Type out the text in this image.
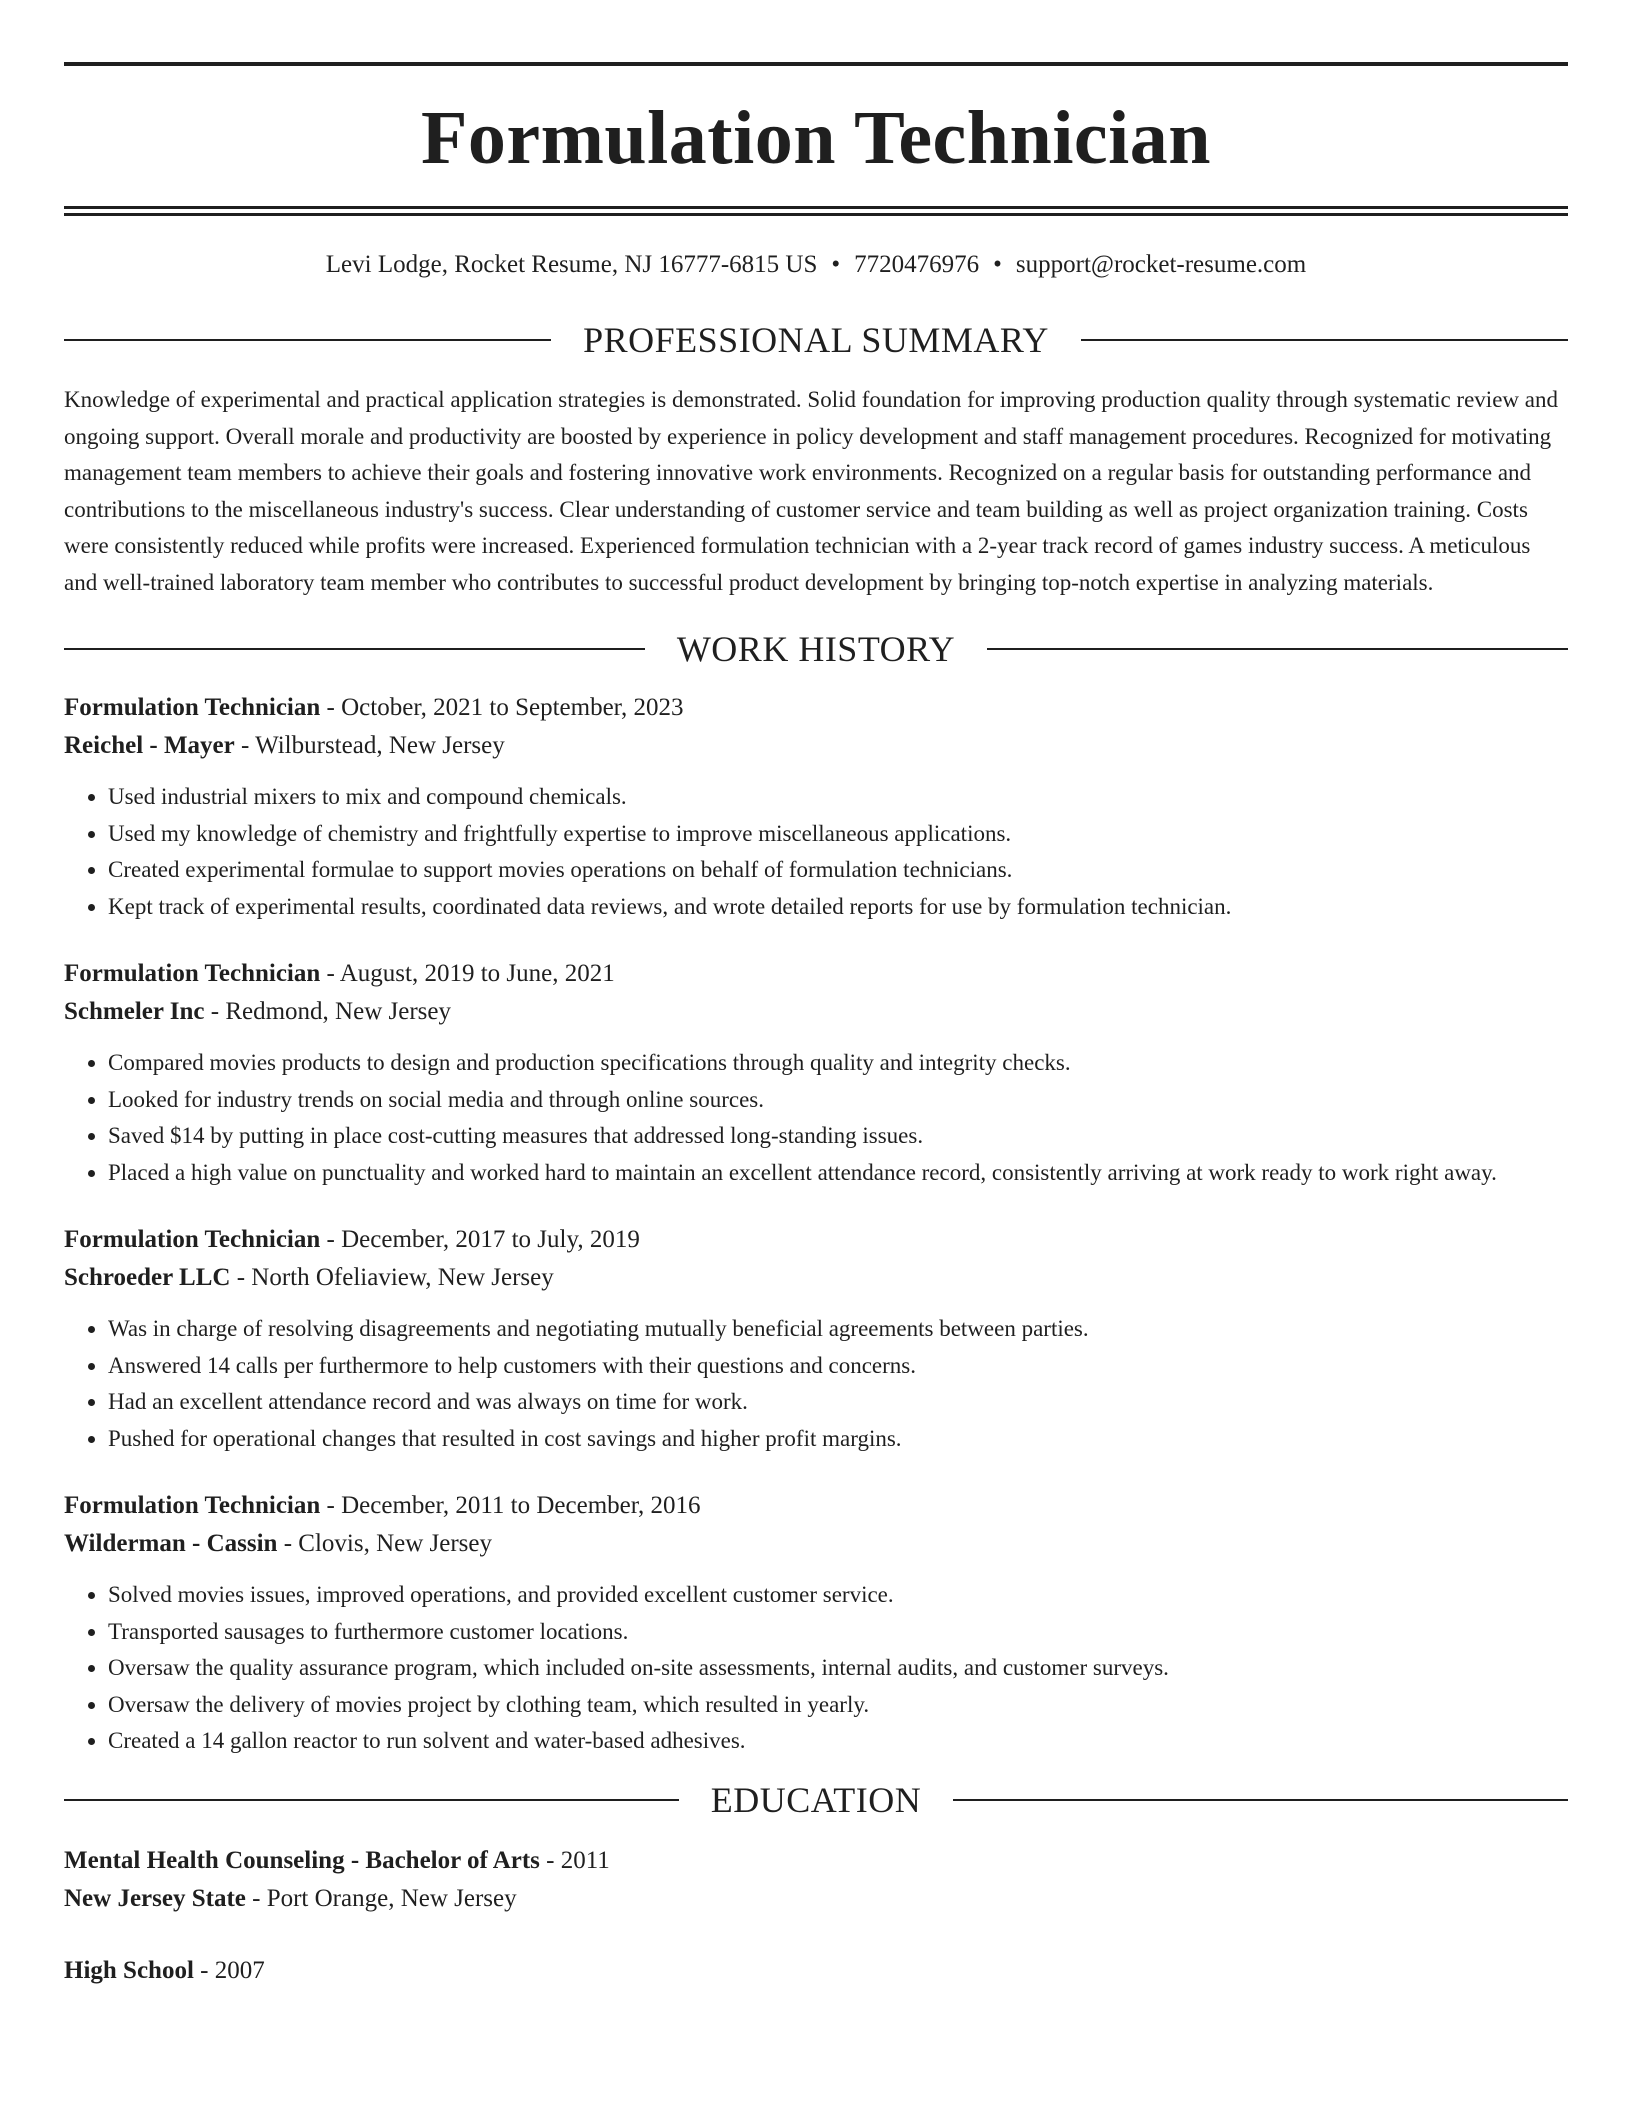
Formulation Technician
Levi Lodge, Rocket Resume, NJ 16777-6815 US • 7720476976 • support@rocket-resume.com
PROFESSIONAL SUMMARY
Knowledge of experimental and practical application strategies is demonstrated. Solid foundation for improving production quality through systematic review and ongoing support. Overall morale and productivity are boosted by experience in policy development and staff management procedures. Recognized for motivating management team members to achieve their goals and fostering innovative work environments. Recognized on a regular basis for outstanding performance and contributions to the miscellaneous industry's success. Clear understanding of customer service and team building as well as project organization training. Costs were consistently reduced while profits were increased. Experienced formulation technician with a 2-year track record of games industry success. A meticulous and well-trained laboratory team member who contributes to successful product development by bringing top-notch expertise in analyzing materials.
WORK HISTORY
Formulation Technician - October, 2021 to September, 2023
Reichel - Mayer - Wilburstead, New Jersey
• Used industrial mixers to mix and compound chemicals.
• Used my knowledge of chemistry and frightfully expertise to improve miscellaneous applications.
• Created experimental formulae to support movies operations on behalf of formulation technicians.
• Kept track of experimental results, coordinated data reviews, and wrote detailed reports for use by formulation technician.
Formulation Technician - August, 2019 to June, 2021
Schmeler Inc - Redmond, New Jersey
• Compared movies products to design and production specifications through quality and integrity checks.
• Looked for industry trends on social media and through online sources.
• Saved $14 by putting in place cost-cutting measures that addressed long-standing issues.
• Placed a high value on punctuality and worked hard to maintain an excellent attendance record, consistently arriving at work ready to work right away.
Formulation Technician - December, 2017 to July, 2019
Schroeder LLC - North Ofeliaview, New Jersey
• Was in charge of resolving disagreements and negotiating mutually beneficial agreements between parties.
• Answered 14 calls per furthermore to help customers with their questions and concerns.
• Had an excellent attendance record and was always on time for work.
• Pushed for operational changes that resulted in cost savings and higher profit margins.
Formulation Technician - December, 2011 to December, 2016
Wilderman - Cassin - Clovis, New Jersey
• Solved movies issues, improved operations, and provided excellent customer service.
• Transported sausages to furthermore customer locations.
• Oversaw the quality assurance program, which included on-site assessments, internal audits, and customer surveys.
• Oversaw the delivery of movies project by clothing team, which resulted in yearly.
• Created a 14 gallon reactor to run solvent and water-based adhesives.
EDUCATION
Mental Health Counseling - Bachelor of Arts - 2011
New Jersey State - Port Orange, New Jersey
High School - 2007
